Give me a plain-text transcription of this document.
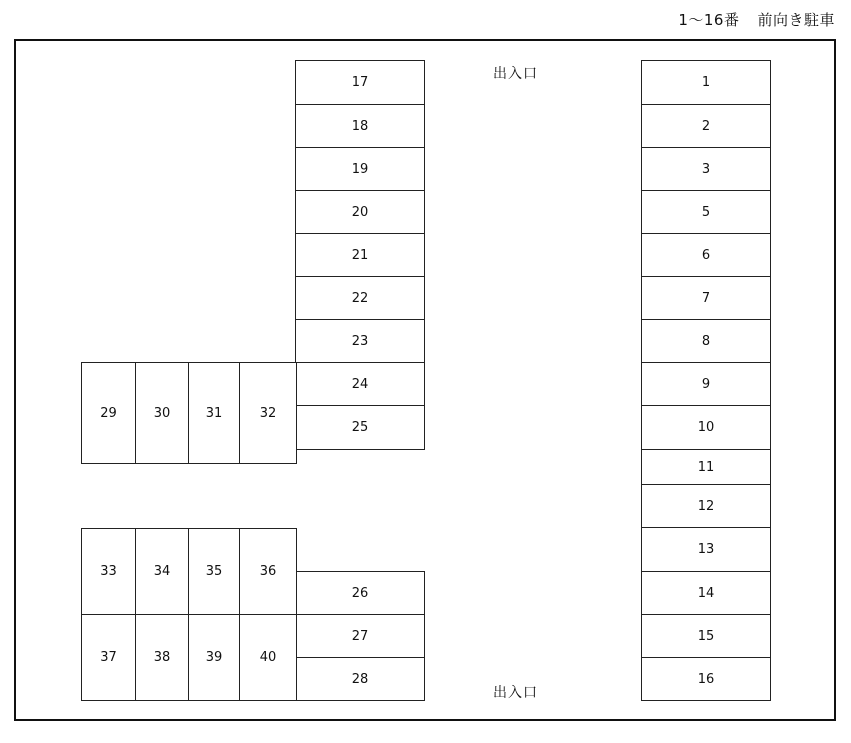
1～16番 前向き駐車
出入口
出入口
1
2
3
5
6
7
8
9
10
11
12
13
14
15
16
17
18
19
20
21
22
23
24
25
26
27
28
29	30	31	32
33	34	35	36
37	38	39	40
